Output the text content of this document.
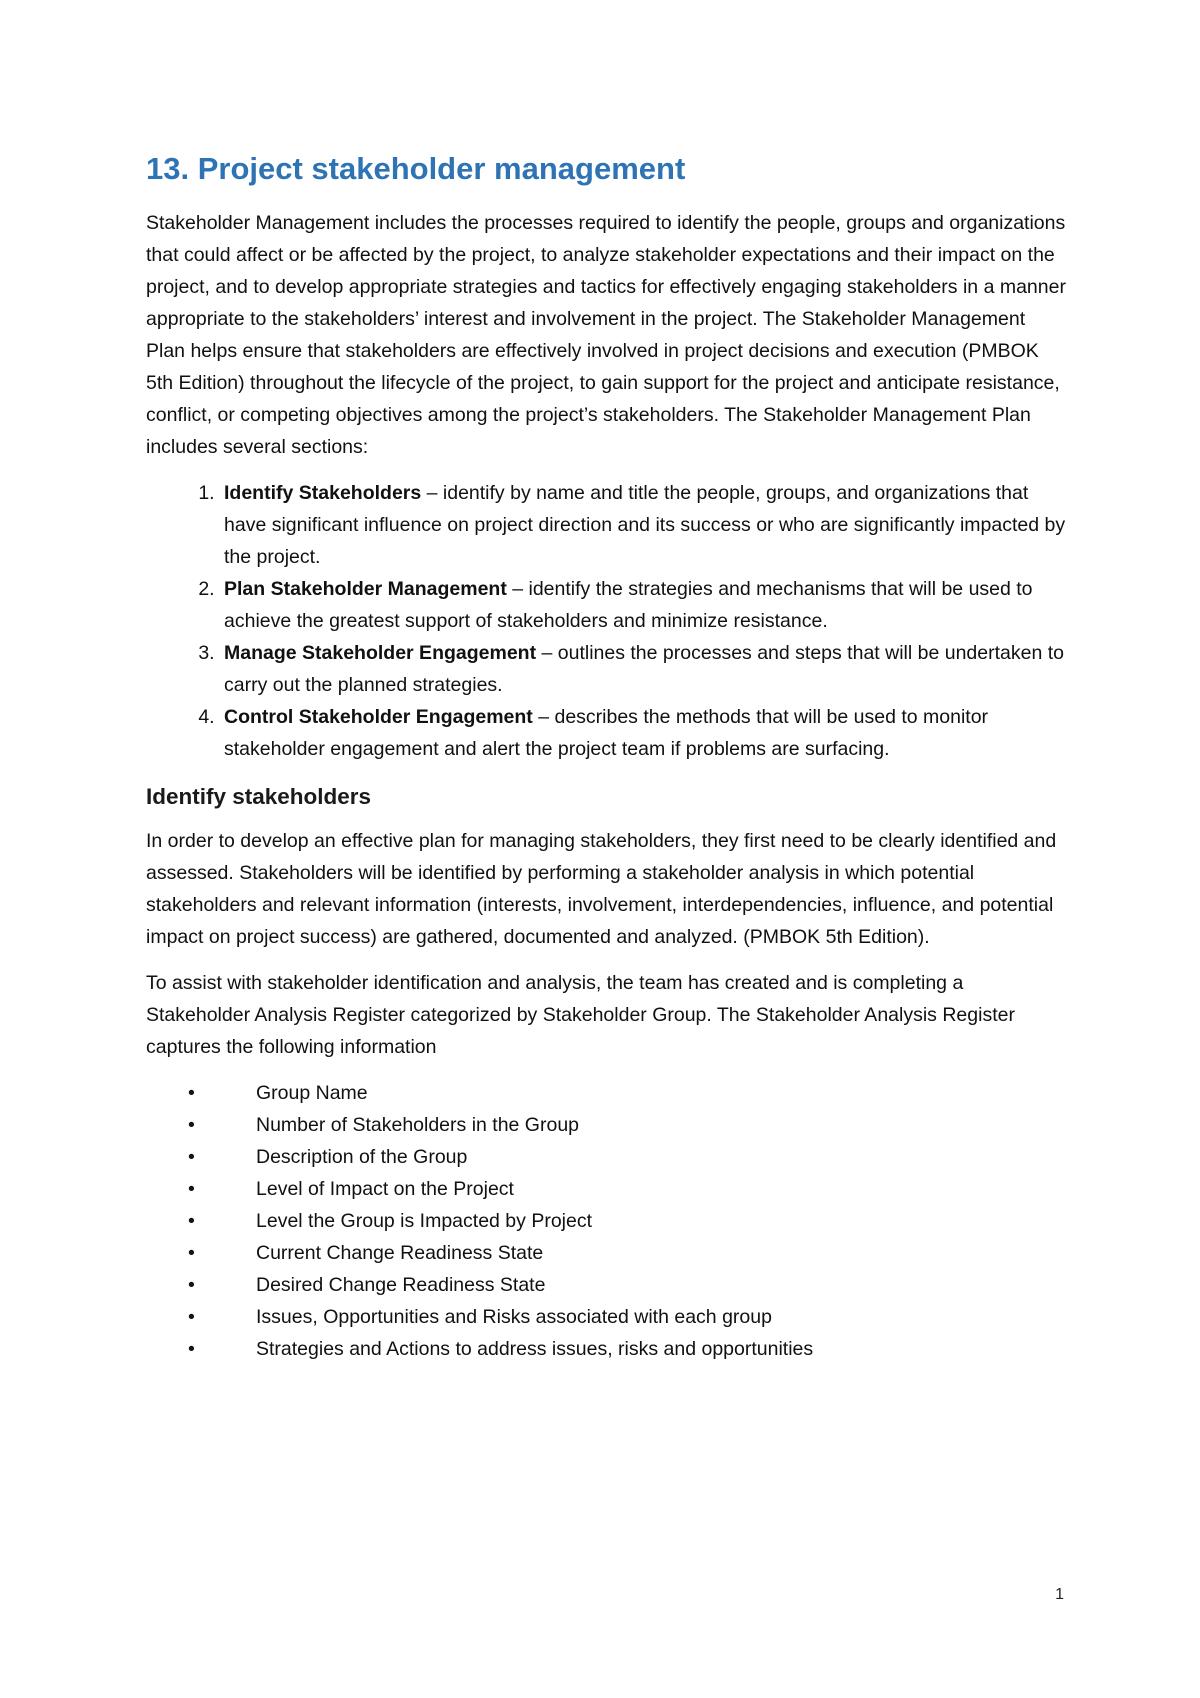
13. Project stakeholder management

Stakeholder Management includes the processes required to identify the people, groups and organizations that could affect or be affected by the project, to analyze stakeholder expectations and their impact on the project, and to develop appropriate strategies and tactics for effectively engaging stakeholders in a manner appropriate to the stakeholders’ interest and involvement in the project. The Stakeholder Management Plan helps ensure that stakeholders are effectively involved in project decisions and execution (PMBOK 5th Edition) throughout the lifecycle of the project, to gain support for the project and anticipate resistance, conflict, or competing objectives among the project’s stakeholders. The Stakeholder Management Plan includes several sections:

1. Identify Stakeholders – identify by name and title the people, groups, and organizations that have significant influence on project direction and its success or who are significantly impacted by the project.
2. Plan Stakeholder Management – identify the strategies and mechanisms that will be used to achieve the greatest support of stakeholders and minimize resistance.
3. Manage Stakeholder Engagement – outlines the processes and steps that will be undertaken to carry out the planned strategies.
4. Control Stakeholder Engagement – describes the methods that will be used to monitor stakeholder engagement and alert the project team if problems are surfacing.
Identify stakeholders

In order to develop an effective plan for managing stakeholders, they first need to be clearly identified and assessed. Stakeholders will be identified by performing a stakeholder analysis in which potential stakeholders and relevant information (interests, involvement, interdependencies, influence, and potential impact on project success) are gathered, documented and analyzed. (PMBOK 5th Edition).

To assist with stakeholder identification and analysis, the team has created and is completing a Stakeholder Analysis Register categorized by Stakeholder Group. The Stakeholder Analysis Register captures the following information

•	Group Name
•	Number of Stakeholders in the Group
•	Description of the Group
•	Level of Impact on the Project
•	Level the Group is Impacted by Project
•	Current Change Readiness State
•	Desired Change Readiness State
•	Issues, Opportunities and Risks associated with each group
•	Strategies and Actions to address issues, risks and opportunities
1
